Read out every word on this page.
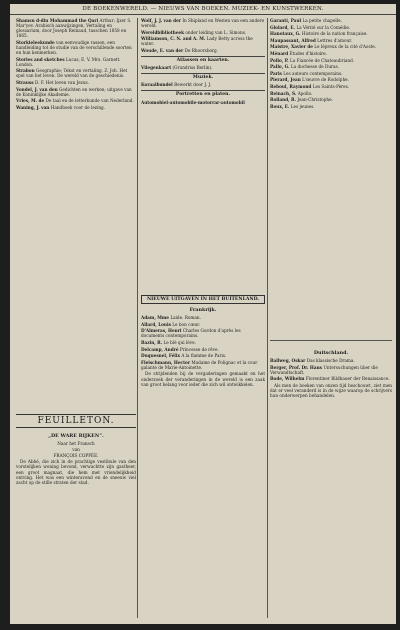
DE BOEKENWERELD. — NIEUWS VAN BOEKEN. MUZIEK- EN KUNSTWERKEN.
Shamsu d-din Mohammad the Qari Arthur; Ijzer S. Mar'yev. Arahisch aanwijzingen, Vertaling en glossarium, door Joseph Reinaud, tusschen 1858 en 1865.
Storkieleekunde van eenvoudige rassen, een handleiding tot de studie van de verschillende soorten en hun kenmerken.
Stories and sketches Lucas, E. V. Mrs. Garnett. London.
Strabon Geographie; Tekst en vertaling. Z. Joh. Het spel van het leven. De wereld van de geschiedenis.
Strauss D. F. Het leven van Jezus.
Vondel, J. van den Gedichten en werken; uitgave van de Koninklijke Akademie.
Vries, M. de De taal en de letterkunde van Nederland.
Waning, J. van Handboek voor de lezing.
Wolf, J. J. van der In Shipland en Westen van een andere wereld.
Wereldbibliotheek onder leiding van L. Simons.
Williamson, C. N. and A. M. Lady Betty across the water.
Woude, E. van der De Rhoorsborg.
Atlassen en kaarten.
Vliegenkaart (Grundriss Berlin).
Muziek.
Koraalbundel Bewerkt door J. J.
Portretten en platen.
Automobiel-automobile-motorrar-automobil
NIEUWE UITGAVEN IN HET BUITENLAND.
Frankrijk.
Adam, Mme Laide. Roman.
Allard, Louis Le bon cœur.
D'Almeras, Henri Charles Gordon d'après les documents contemporains.
Bazin, R. Le blé qui lève.
Delcamp, André Princesse de rêve.
Duquesnel, Félix A la flamme de Paris.
Fleischmann, Hector Madame de Polignac et la cour galante de Marie-Antoinette.

De strijdenden bij de vergaderingen gemaakt en het onderzoek der veranderingen in de wereld is een zaak van groot belang voor ieder die zich wil ontwikkelen.

Garanti, Paul La petite chapelle.
Glolard, E. La Vérité sur la Comédie.
Hanotaux, G. Histoire de la nation française.
Maupassant, Alfred Lettres d'amour.
Maistre, Xavier de Le lépreux de la cité d'Aoste.
Ménard Études d'histoire.
Pollo, P. La Fiancée de Chateaubriand.
Pallo, G. La duchesse de Duras.
Paris Les auteurs contemporains.
Pierard, Jean L'œuvre de Rodolphe.
Reboul, Raymond Les Saints-Pères.
Reinach, S. Apollo.
Rolland, R. Jean-Christophe.
Roux, E. Les jeunes.
Duitschland.
Ballweg, Oskar Das klassische Drama.
Berger, Prof. Dr. Hans Untersuchungen über die Verwandtschaft.
Bode, Wilhelm Florentiner Bildhauer der Renaissance.

Als men de boeken van onzen tijd beschouwt, ziet men dat er veel veranderd is in de wijze waarop de schrijvers hun onderwerpen behandelen.

FEUILLETON.
„DE WARE RIJKEN”.
Naar het Fransch
van
FRANÇOIS COPPÉE.

De Abbé, die zich in de prachtige vestibule van den vorstelijken woning bevond, verwachtte zijn gastheer, een groot magnaat, die hem met vriendelijkheid ontving. Het was een winteravond en de sneeuw viel zacht op de stille straten der stad.
